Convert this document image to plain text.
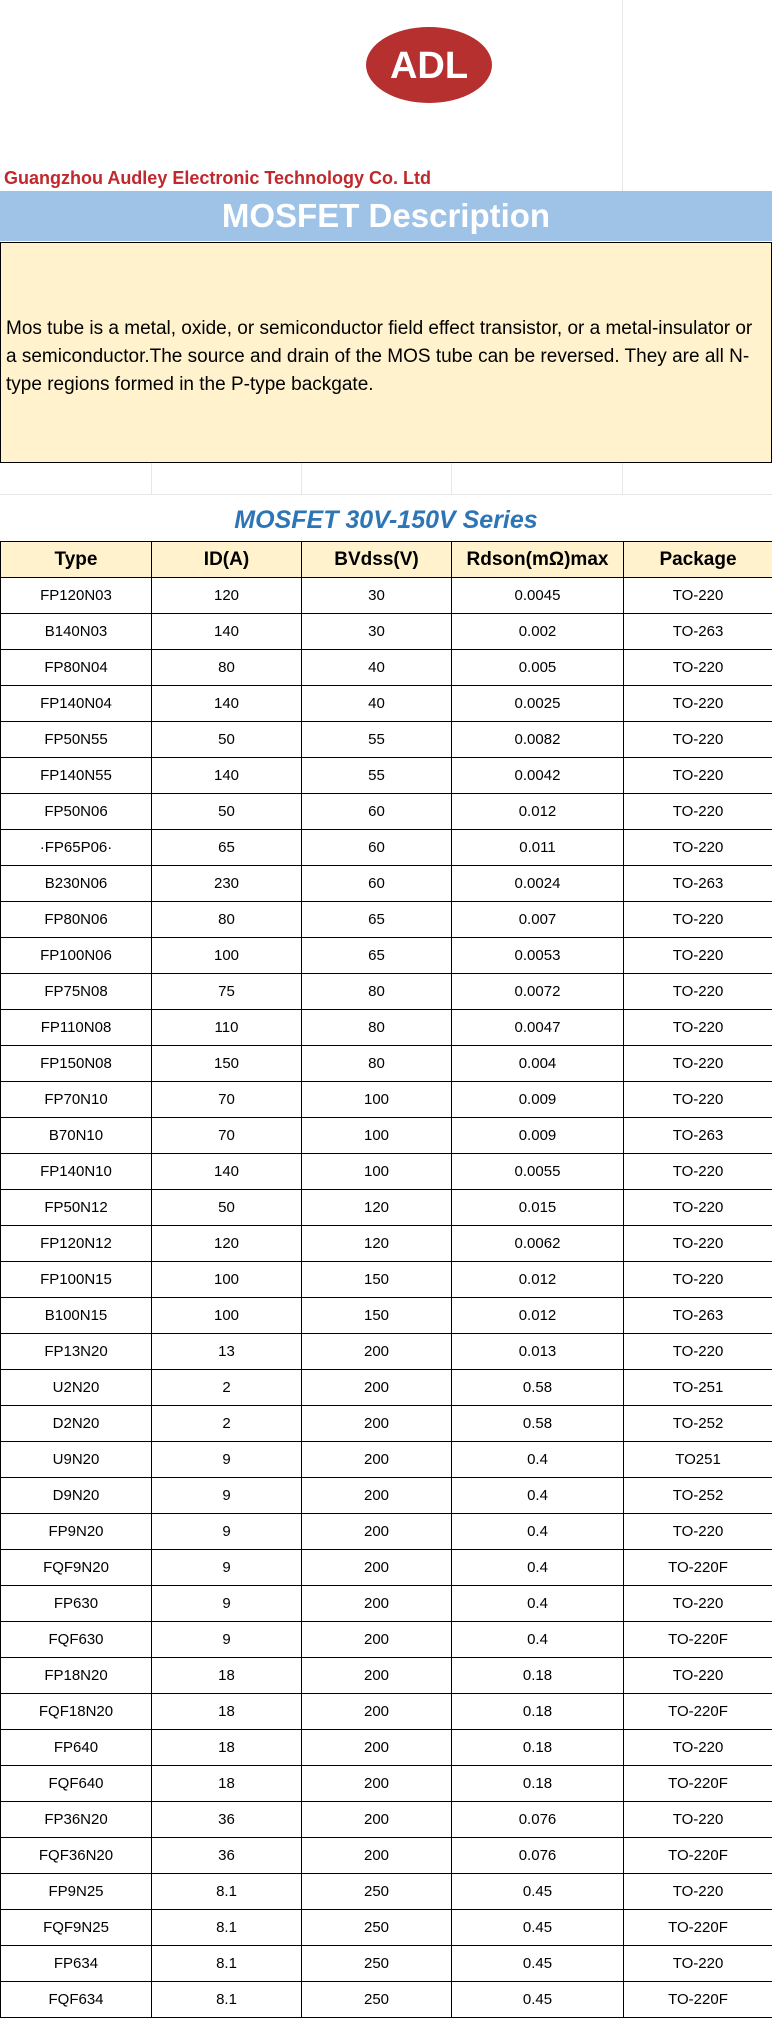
ADL
Guangzhou Audley Electronic Technology Co. Ltd
MOSFET Description

Mos tube is a metal, oxide, or semiconductor field effect transistor, or a metal-insulator or a semiconductor.The source and drain of the MOS tube can be reversed. They are all N-type regions formed in the P-type backgate.

MOSFET 30V-150V Series
Type	ID(A)	BVdss(V)	Rdson(mΩ)max	Package
FP120N03	120	30	0.0045	TO-220
B140N03	140	30	0.002	TO-263
FP80N04	80	40	0.005	TO-220
FP140N04	140	40	0.0025	TO-220
FP50N55	50	55	0.0082	TO-220
FP140N55	140	55	0.0042	TO-220
FP50N06	50	60	0.012	TO-220
·FP65P06·	65	60	0.011	TO-220
B230N06	230	60	0.0024	TO-263
FP80N06	80	65	0.007	TO-220
FP100N06	100	65	0.0053	TO-220
FP75N08	75	80	0.0072	TO-220
FP110N08	110	80	0.0047	TO-220
FP150N08	150	80	0.004	TO-220
FP70N10	70	100	0.009	TO-220
B70N10	70	100	0.009	TO-263
FP140N10	140	100	0.0055	TO-220
FP50N12	50	120	0.015	TO-220
FP120N12	120	120	0.0062	TO-220
FP100N15	100	150	0.012	TO-220
B100N15	100	150	0.012	TO-263
FP13N20	13	200	0.013	TO-220
U2N20	2	200	0.58	TO-251
D2N20	2	200	0.58	TO-252
U9N20	9	200	0.4	TO251
D9N20	9	200	0.4	TO-252
FP9N20	9	200	0.4	TO-220
FQF9N20	9	200	0.4	TO-220F
FP630	9	200	0.4	TO-220
FQF630	9	200	0.4	TO-220F
FP18N20	18	200	0.18	TO-220
FQF18N20	18	200	0.18	TO-220F
FP640	18	200	0.18	TO-220
FQF640	18	200	0.18	TO-220F
FP36N20	36	200	0.076	TO-220
FQF36N20	36	200	0.076	TO-220F
FP9N25	8.1	250	0.45	TO-220
FQF9N25	8.1	250	0.45	TO-220F
FP634	8.1	250	0.45	TO-220
FQF634	8.1	250	0.45	TO-220F
